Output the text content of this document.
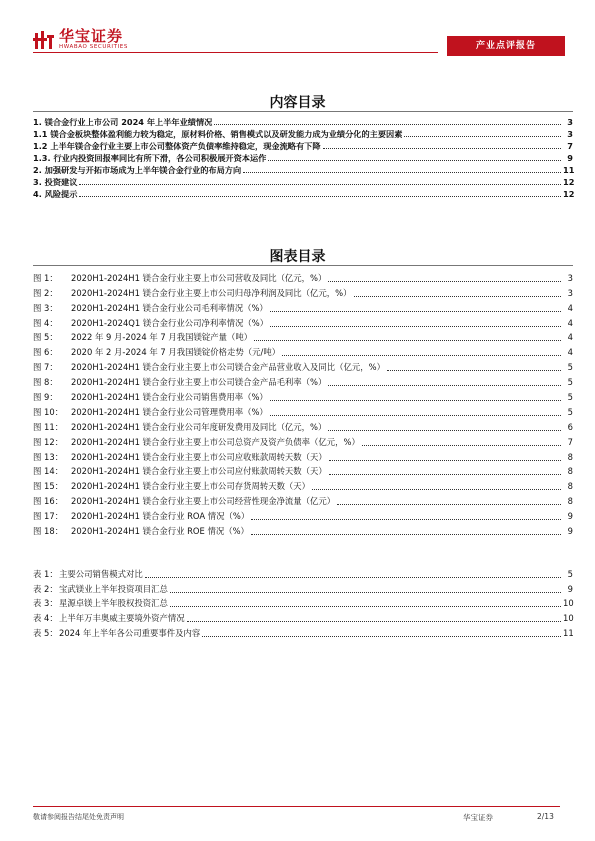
华宝证券
HWABAO SECURITIES	产业点评报告
内容目录
1. 镁合金行业上市公司 2024 年上半年业绩情况	3
1.1 镁合金板块整体盈利能力较为稳定，原材料价格、销售模式以及研发能力成为业绩分化的主要因素	3
1.2 上半年镁合金行业主要上市公司整体资产负债率维持稳定，现金流略有下降	7
1.3. 行业内投资回报率同比有所下滑，各公司积极展开资本运作	9
2. 加强研发与开拓市场成为上半年镁合金行业的布局方向	11
3. 投资建议	12
4. 风险提示	12
图表目录
图 1： 2020H1-2024H1 镁合金行业主要上市公司营收及同比（亿元，%）	3
图 2： 2020H1-2024H1 镁合金行业主要上市公司归母净利润及同比（亿元，%）	3
图 3： 2020H1-2024H1 镁合金行业公司毛利率情况（%）	4
图 4： 2020H1-2024Q1 镁合金行业公司净利率情况（%）	4
图 5： 2022 年 9 月-2024 年 7 月我国镁锭产量（吨）	4
图 6： 2020 年 2 月-2024 年 7 月我国镁锭价格走势（元/吨）	4
图 7： 2020H1-2024H1 镁合金行业主要上市公司镁合金产品营业收入及同比（亿元，%）	5
图 8： 2020H1-2024H1 镁合金行业主要上市公司镁合金产品毛利率（%）	5
图 9： 2020H1-2024H1 镁合金行业公司销售费用率（%）	5
图 10： 2020H1-2024H1 镁合金行业公司管理费用率（%）	5
图 11： 2020H1-2024H1 镁合金行业公司年度研发费用及同比（亿元，%）	6
图 12： 2020H1-2024H1 镁合金行业主要上市公司总资产及资产负债率（亿元，%）	7
图 13： 2020H1-2024H1 镁合金行业主要上市公司应收账款周转天数（天）	8
图 14： 2020H1-2024H1 镁合金行业主要上市公司应付账款周转天数（天）	8
图 15： 2020H1-2024H1 镁合金行业主要上市公司存货周转天数（天）	8
图 16： 2020H1-2024H1 镁合金行业主要上市公司经营性现金净流量（亿元）	8
图 17： 2020H1-2024H1 镁合金行业 ROA 情况（%）	9
图 18： 2020H1-2024H1 镁合金行业 ROE 情况（%）	9
表 1：主要公司销售模式对比	5
表 2：宝武镁业上半年投资项目汇总	9
表 3：星源卓镁上半年股权投资汇总	10
表 4：上半年万丰奥威主要境外资产情况	10
表 5：2024 年上半年各公司重要事件及内容	11
敬请参阅报告结尾处免责声明	华宝证券	2/13
